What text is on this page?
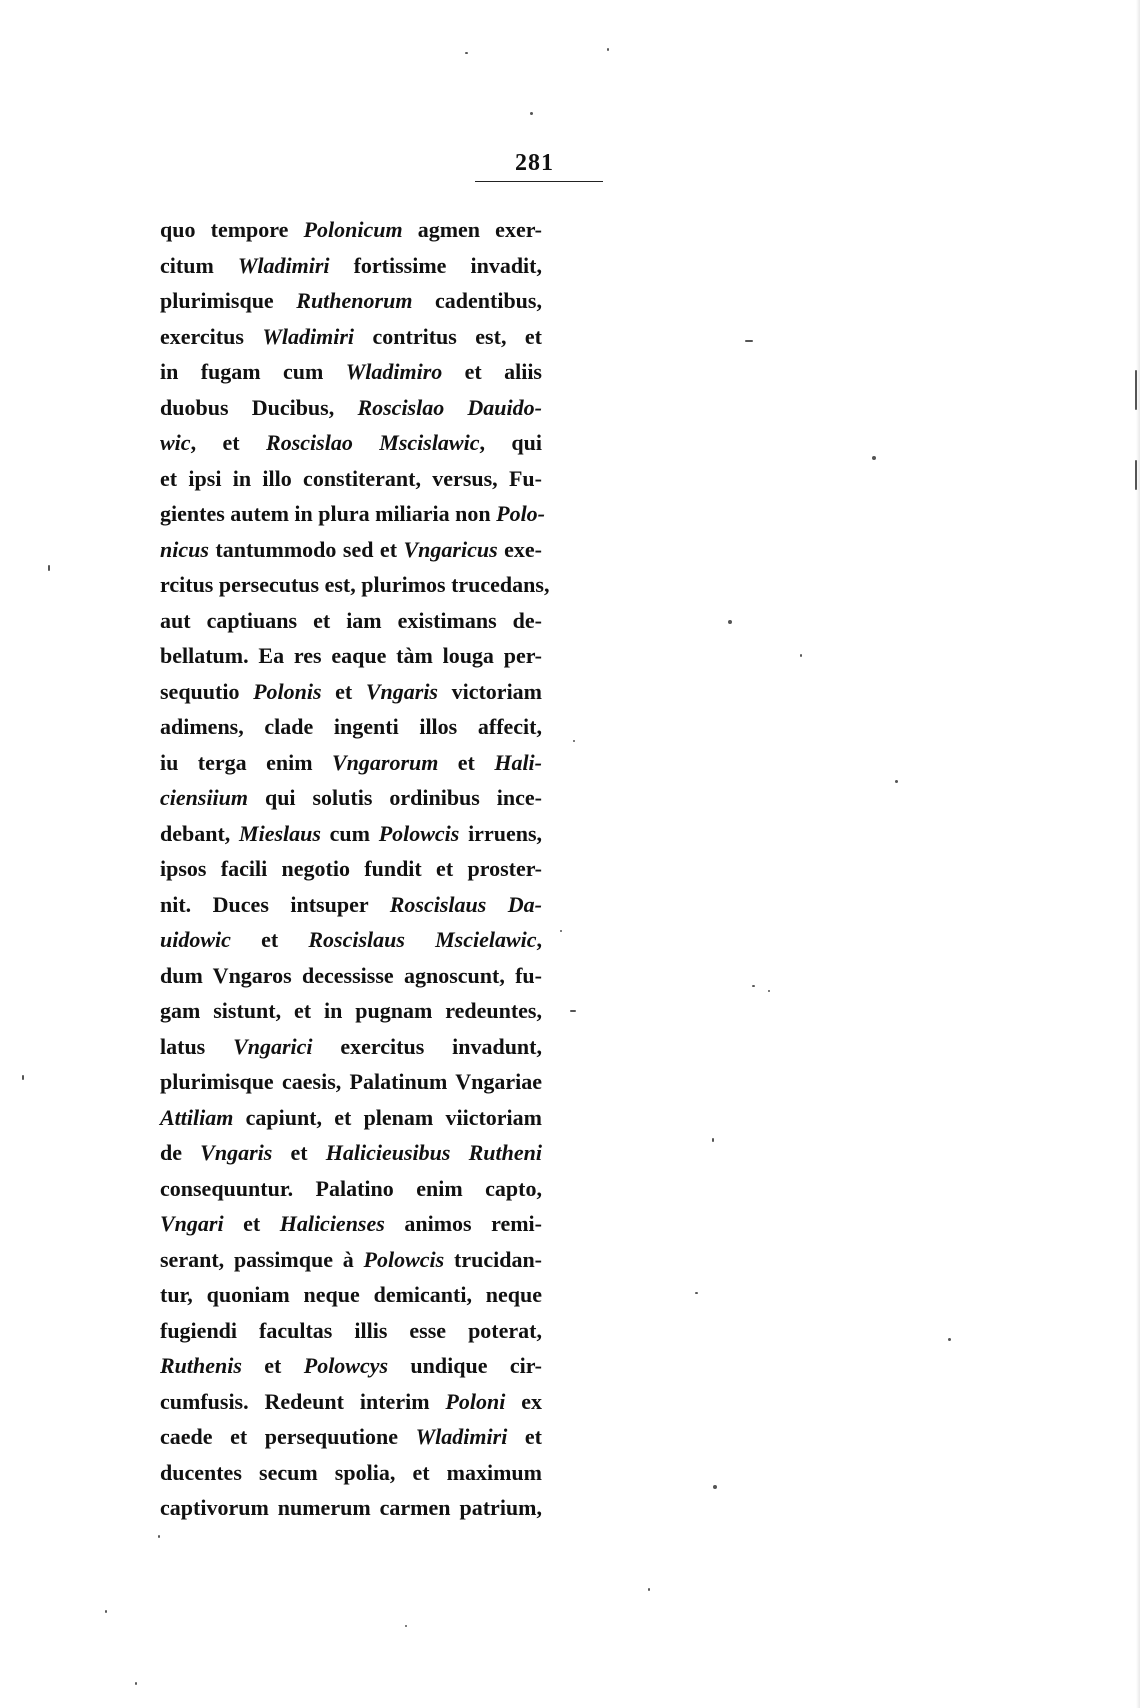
281
quo tempore Polonicum agmen exer-
citum Wladimiri fortissime invadit,
plurimisque Ruthenorum cadentibus,
exercitus Wladimiri contritus est, et
in fugam cum Wladimiro et aliis
duobus Ducibus, Roscislao Dauido-
wic, et Roscislao Mscislawic, qui
et ipsi in illo constiterant, versus, Fu-
gientes autem in plura miliaria non Polo-
nicus tantummodo sed et Vngaricus exe-
rcitus persecutus est, plurimos trucedans,
aut captiuans et iam existimans de-
bellatum. Ea res eaque tàm louga per-
sequutio Polonis et Vngaris victoriam
adimens, clade ingenti illos affecit,
iu terga enim Vngarorum et Hali-
ciensiium qui solutis ordinibus ince-
debant, Mieslaus cum Polowcis irruens,
ipsos facili negotio fundit et proster-
nit. Duces intsuper Roscislaus Da-
uidowic et Roscislaus Mscielawic,
dum Vngaros decessisse agnoscunt, fu-
gam sistunt, et in pugnam redeuntes,
latus Vngarici exercitus invadunt,
plurimisque caesis, Palatinum Vngariae
Attiliam capiunt, et plenam viictoriam
de Vngaris et Halicieusibus Rutheni
consequuntur. Palatino enim capto,
Vngari et Halicienses animos remi-
serant, passimque à Polowcis trucidan-
tur, quoniam neque demicanti, neque
fugiendi facultas illis esse poterat,
Ruthenis et Polowcys undique cir-
cumfusis. Redeunt interim Poloni ex
caede et persequutione Wladimiri et
ducentes secum spolia, et maximum
captivorum numerum carmen patrium,
